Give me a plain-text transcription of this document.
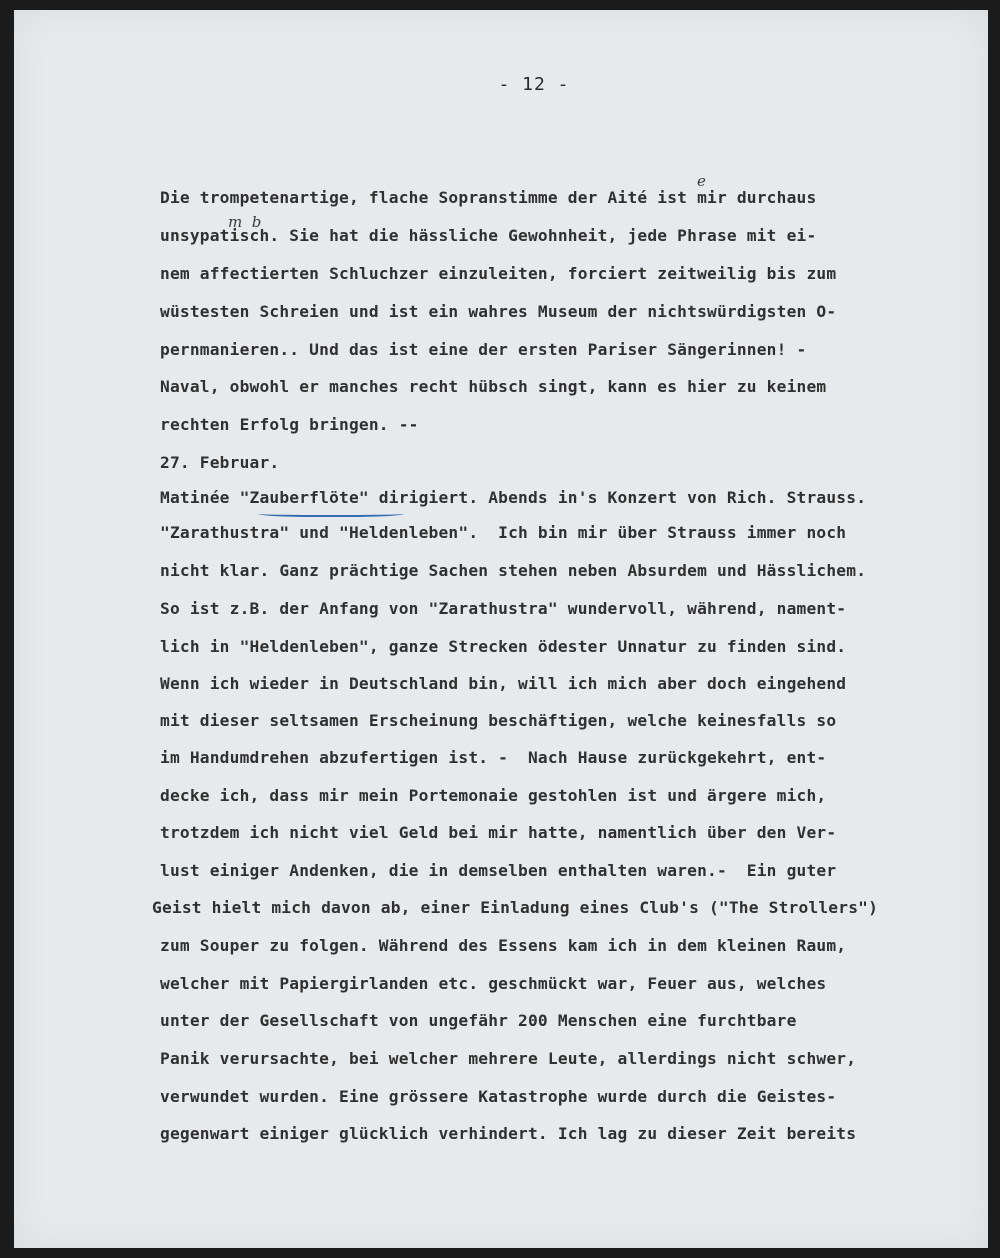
- 12 -
e
m  b
Die trompetenartige, flache Sopranstimme der Aité ist mir durchaus
unsypatisch. Sie hat die hässliche Gewohnheit, jede Phrase mit ei-
nem affectierten Schluchzer einzuleiten, forciert zeitweilig bis zum
wüstesten Schreien und ist ein wahres Museum der nichtswürdigsten O-
pernmanieren.. Und das ist eine der ersten Pariser Sängerinnen! -
Naval, obwohl er manches recht hübsch singt, kann es hier zu keinem
rechten Erfolg bringen. --
27. Februar.
Matinée "Zauberflöte" dirigiert. Abends in's Konzert von Rich. Strauss.
"Zarathustra" und "Heldenleben".  Ich bin mir über Strauss immer noch
nicht klar. Ganz prächtige Sachen stehen neben Absurdem und Hässlichem.
So ist z.B. der Anfang von "Zarathustra" wundervoll, während, nament-
lich in "Heldenleben", ganze Strecken ödester Unnatur zu finden sind.
Wenn ich wieder in Deutschland bin, will ich mich aber doch eingehend
mit dieser seltsamen Erscheinung beschäftigen, welche keinesfalls so
im Handumdrehen abzufertigen ist. -  Nach Hause zurückgekehrt, ent-
decke ich, dass mir mein Portemonaie gestohlen ist und ärgere mich,
trotzdem ich nicht viel Geld bei mir hatte, namentlich über den Ver-
lust einiger Andenken, die in demselben enthalten waren.-  Ein guter
Geist hielt mich davon ab, einer Einladung eines Club's ("The Strollers")
zum Souper zu folgen. Während des Essens kam ich in dem kleinen Raum,
welcher mit Papiergirlanden etc. geschmückt war, Feuer aus, welches
unter der Gesellschaft von ungefähr 200 Menschen eine furchtbare
Panik verursachte, bei welcher mehrere Leute, allerdings nicht schwer,
verwundet wurden. Eine grössere Katastrophe wurde durch die Geistes-
gegenwart einiger glücklich verhindert. Ich lag zu dieser Zeit bereits
